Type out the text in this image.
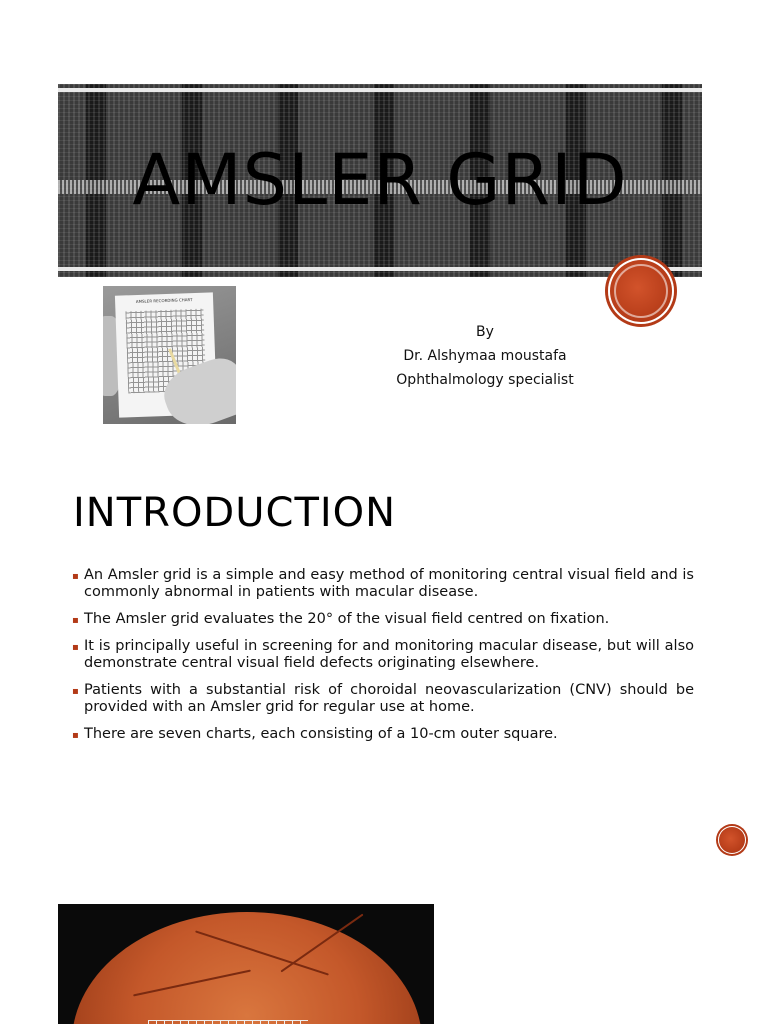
AMSLER GRID
AMSLER RECORDING CHART
By
Dr. Alshymaa moustafa
Ophthalmology specialist
INTRODUCTION
▪ An Amsler grid is a simple and easy method of monitoring central visual field and is commonly abnormal in patients with macular disease.
▪ The Amsler grid evaluates the 20° of the visual field centred on fixation.
▪ It is principally useful in screening for and monitoring macular disease, but will also demonstrate central visual field defects originating elsewhere.
▪ Patients with a substantial risk of choroidal neovascularization (CNV) should be provided with an Amsler grid for regular use at home.
▪ There are seven charts, each consisting of a 10-cm outer square.
